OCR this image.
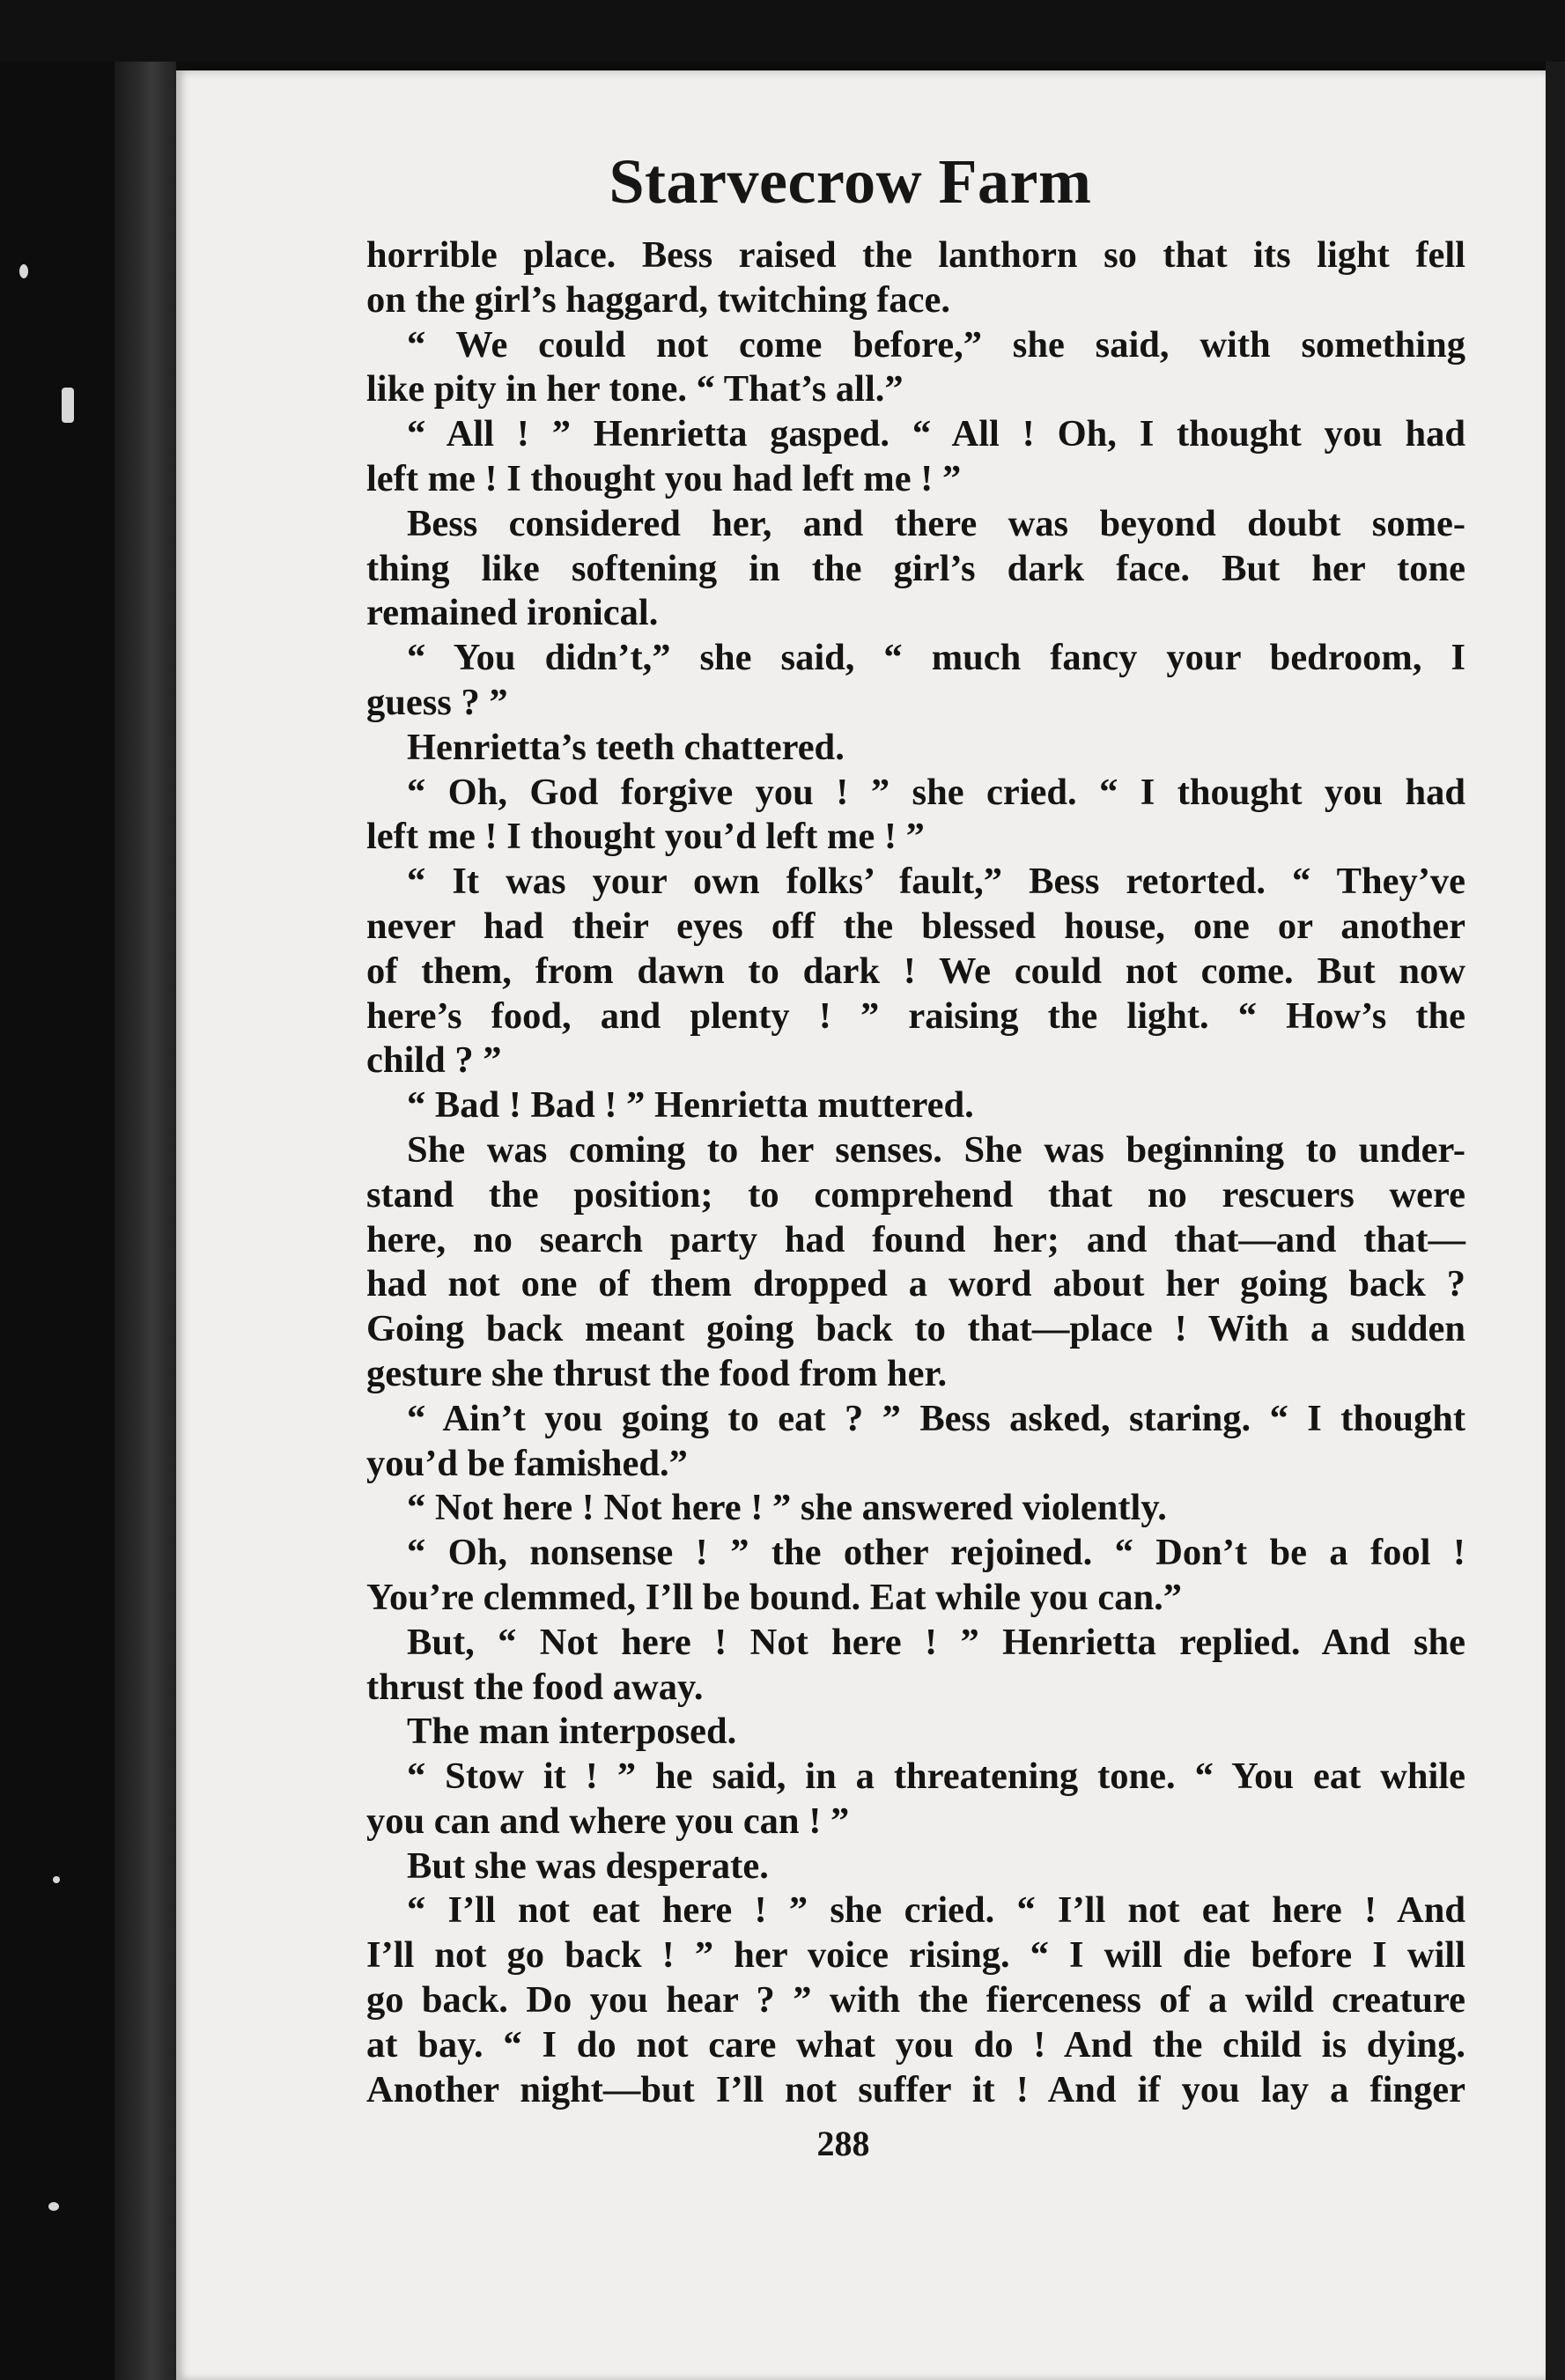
Starvecrow Farm
horrible place. Bess raised the lanthorn so that its light fell
on the girl’s haggard, twitching face.
“ We could not come before,” she said, with something
like pity in her tone. “ That’s all.”
“ All ! ” Henrietta gasped. “ All ! Oh, I thought you had
left me ! I thought you had left me ! ”
Bess considered her, and there was beyond doubt some-
thing like softening in the girl’s dark face. But her tone
remained ironical.
“ You didn’t,” she said, “ much fancy your bedroom, I
guess ? ”
Henrietta’s teeth chattered.
“ Oh, God forgive you ! ” she cried. “ I thought you had
left me ! I thought you’d left me ! ”
“ It was your own folks’ fault,” Bess retorted. “ They’ve
never had their eyes off the blessed house, one or another
of them, from dawn to dark ! We could not come. But now
here’s food, and plenty ! ” raising the light. “ How’s the
child ? ”
“ Bad ! Bad ! ” Henrietta muttered.
She was coming to her senses. She was beginning to under-
stand the position; to comprehend that no rescuers were
here, no search party had found her; and that—and that—
had not one of them dropped a word about her going back ?
Going back meant going back to that—place ! With a sudden
gesture she thrust the food from her.
“ Ain’t you going to eat ? ” Bess asked, staring. “ I thought
you’d be famished.”
“ Not here ! Not here ! ” she answered violently.
“ Oh, nonsense ! ” the other rejoined. “ Don’t be a fool !
You’re clemmed, I’ll be bound. Eat while you can.”
But, “ Not here ! Not here ! ” Henrietta replied. And she
thrust the food away.
The man interposed.
“ Stow it ! ” he said, in a threatening tone. “ You eat while
you can and where you can ! ”
But she was desperate.
“ I’ll not eat here ! ” she cried. “ I’ll not eat here ! And
I’ll not go back ! ” her voice rising. “ I will die before I will
go back. Do you hear ? ” with the fierceness of a wild creature
at bay. “ I do not care what you do ! And the child is dying.
Another night—but I’ll not suffer it ! And if you lay a finger
288
